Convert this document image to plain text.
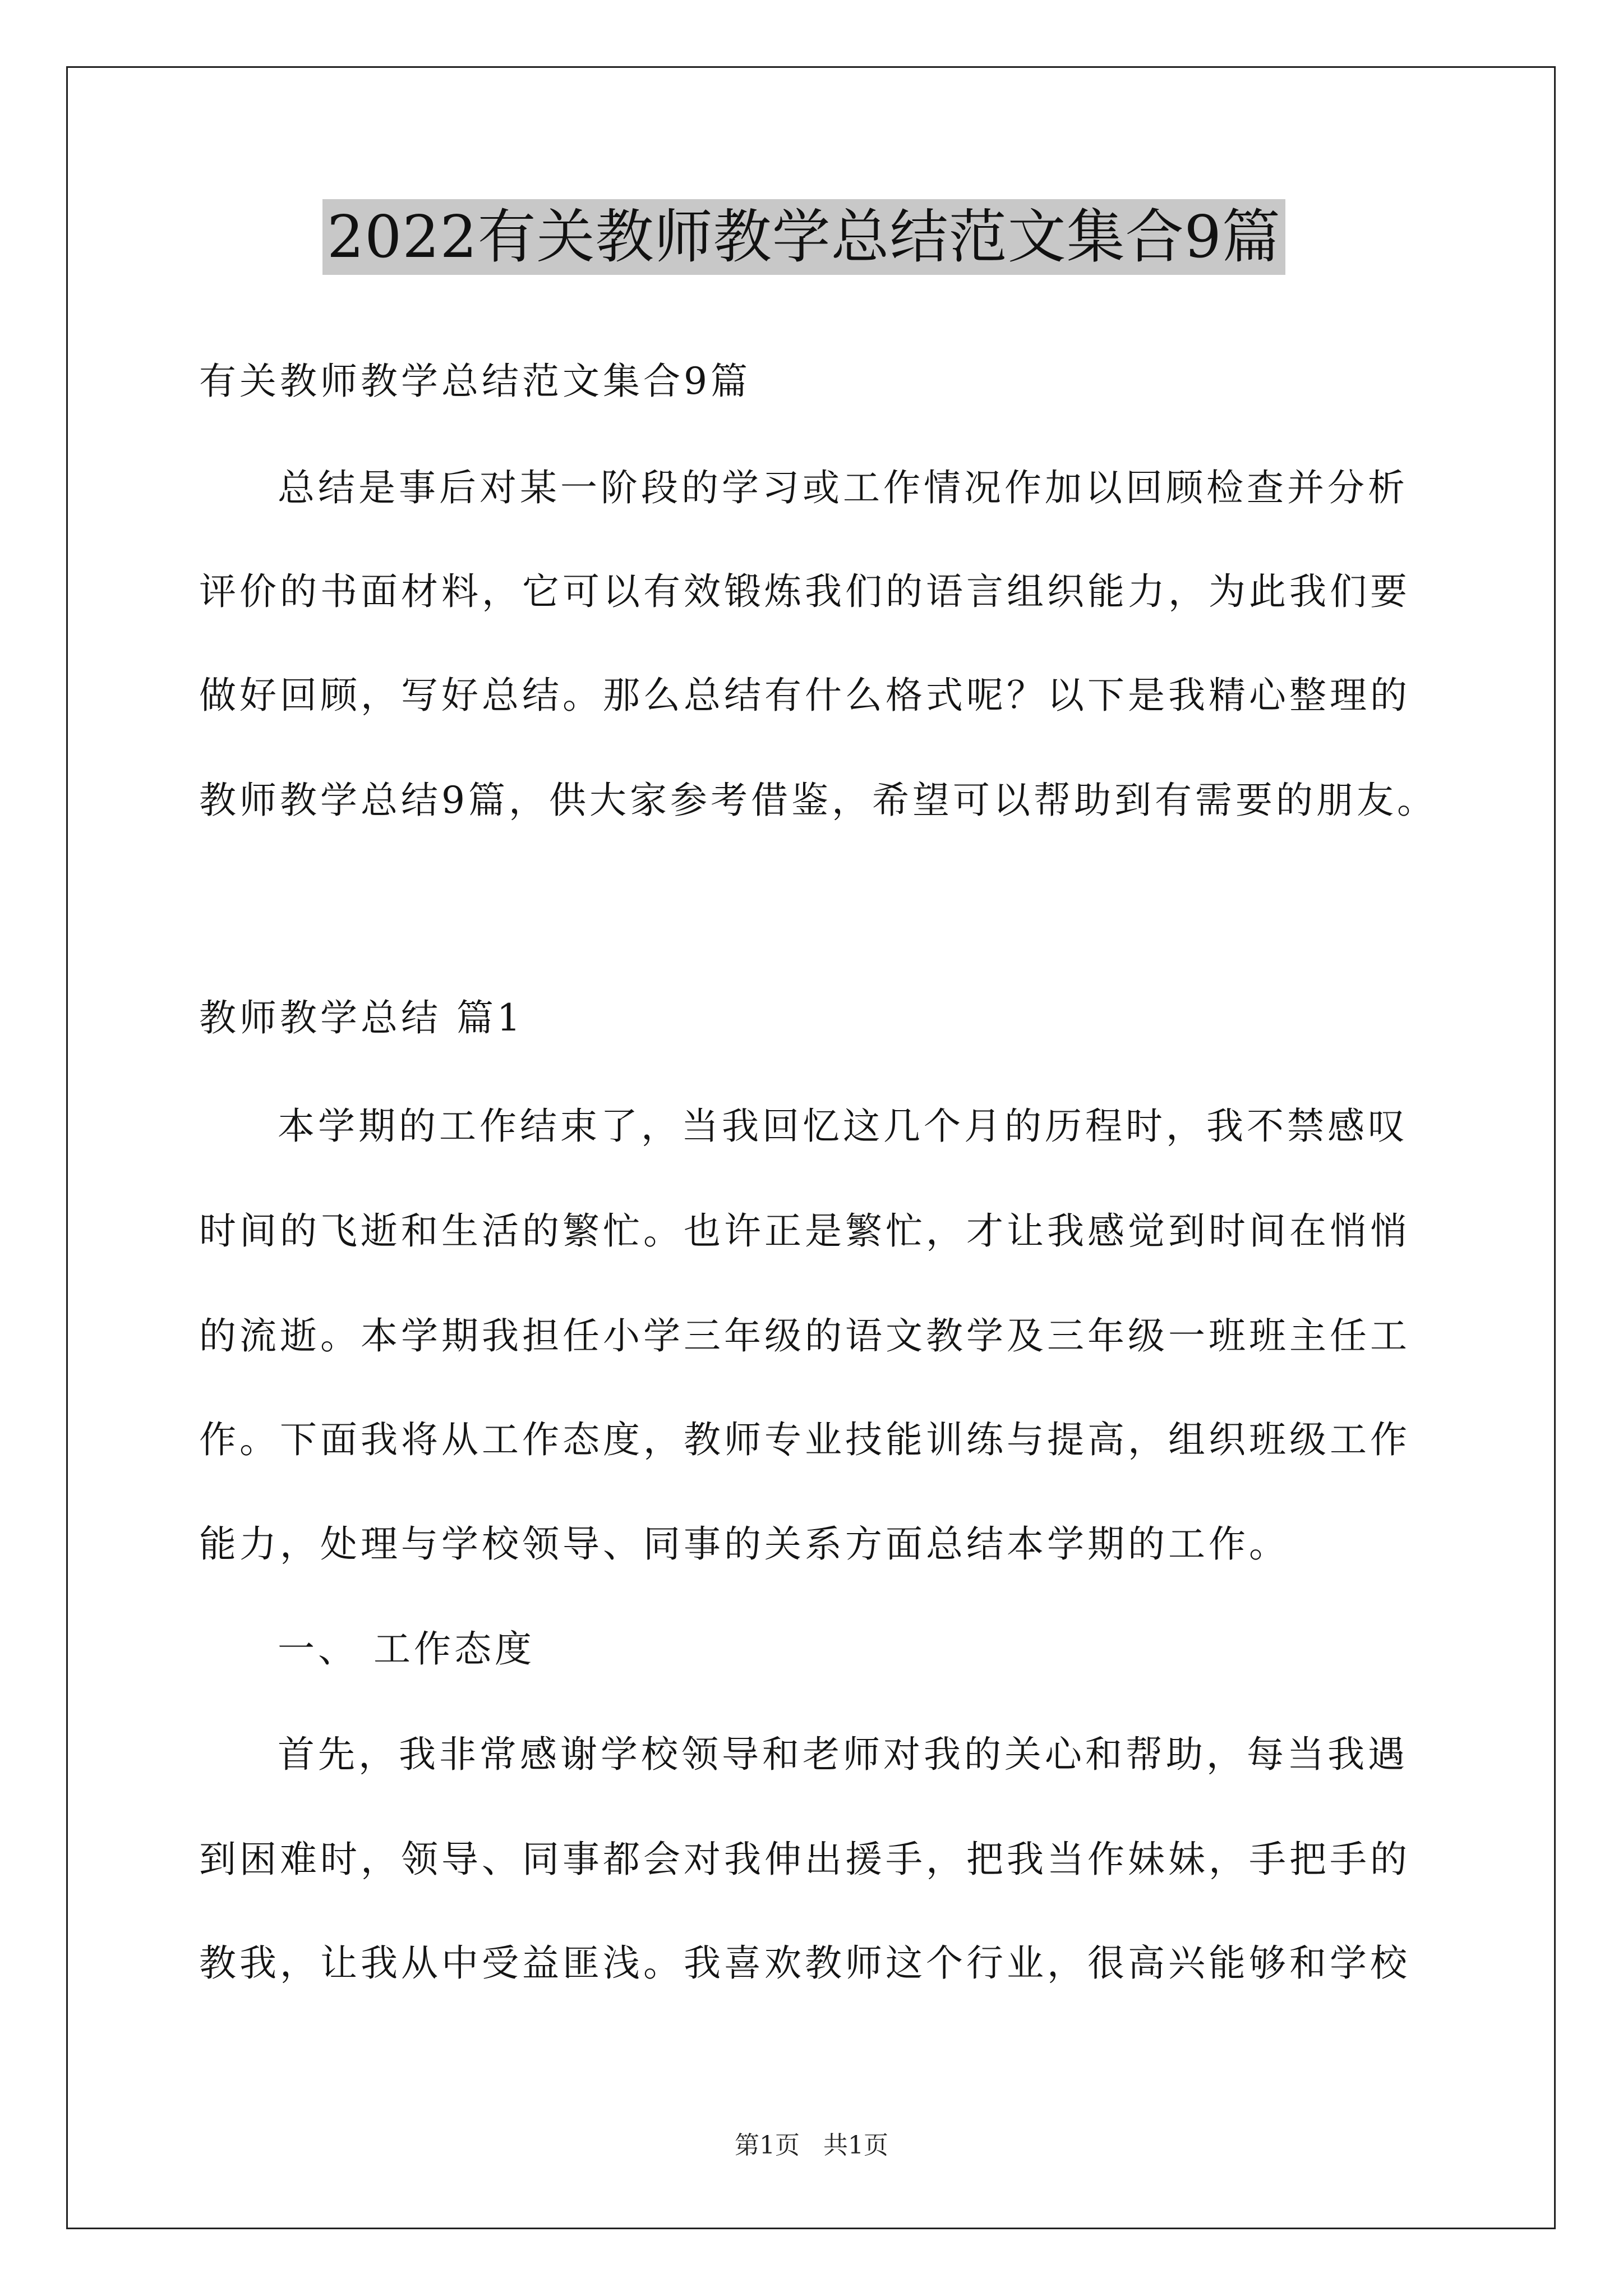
2022有关教师教学总结范文集合9篇
有关教师教学总结范文集合9篇
总结是事后对某一阶段的学习或工作情况作加以回顾检查并分析
评价的书面材料，它可以有效锻炼我们的语言组织能力，为此我们要
做好回顾，写好总结。那么总结有什么格式呢？以下是我精心整理的
教师教学总结9篇，供大家参考借鉴，希望可以帮助到有需要的朋友。
教师教学总结 篇1
本学期的工作结束了，当我回忆这几个月的历程时，我不禁感叹
时间的飞逝和生活的繁忙。也许正是繁忙，才让我感觉到时间在悄悄
的流逝。本学期我担任小学三年级的语文教学及三年级一班班主任工
作。下面我将从工作态度，教师专业技能训练与提高，组织班级工作
能力，处理与学校领导、同事的关系方面总结本学期的工作。
一、 工作态度
首先，我非常感谢学校领导和老师对我的关心和帮助，每当我遇
到困难时，领导、同事都会对我伸出援手，把我当作妹妹，手把手的
教我，让我从中受益匪浅。我喜欢教师这个行业，很高兴能够和学校
第1页   共1页
